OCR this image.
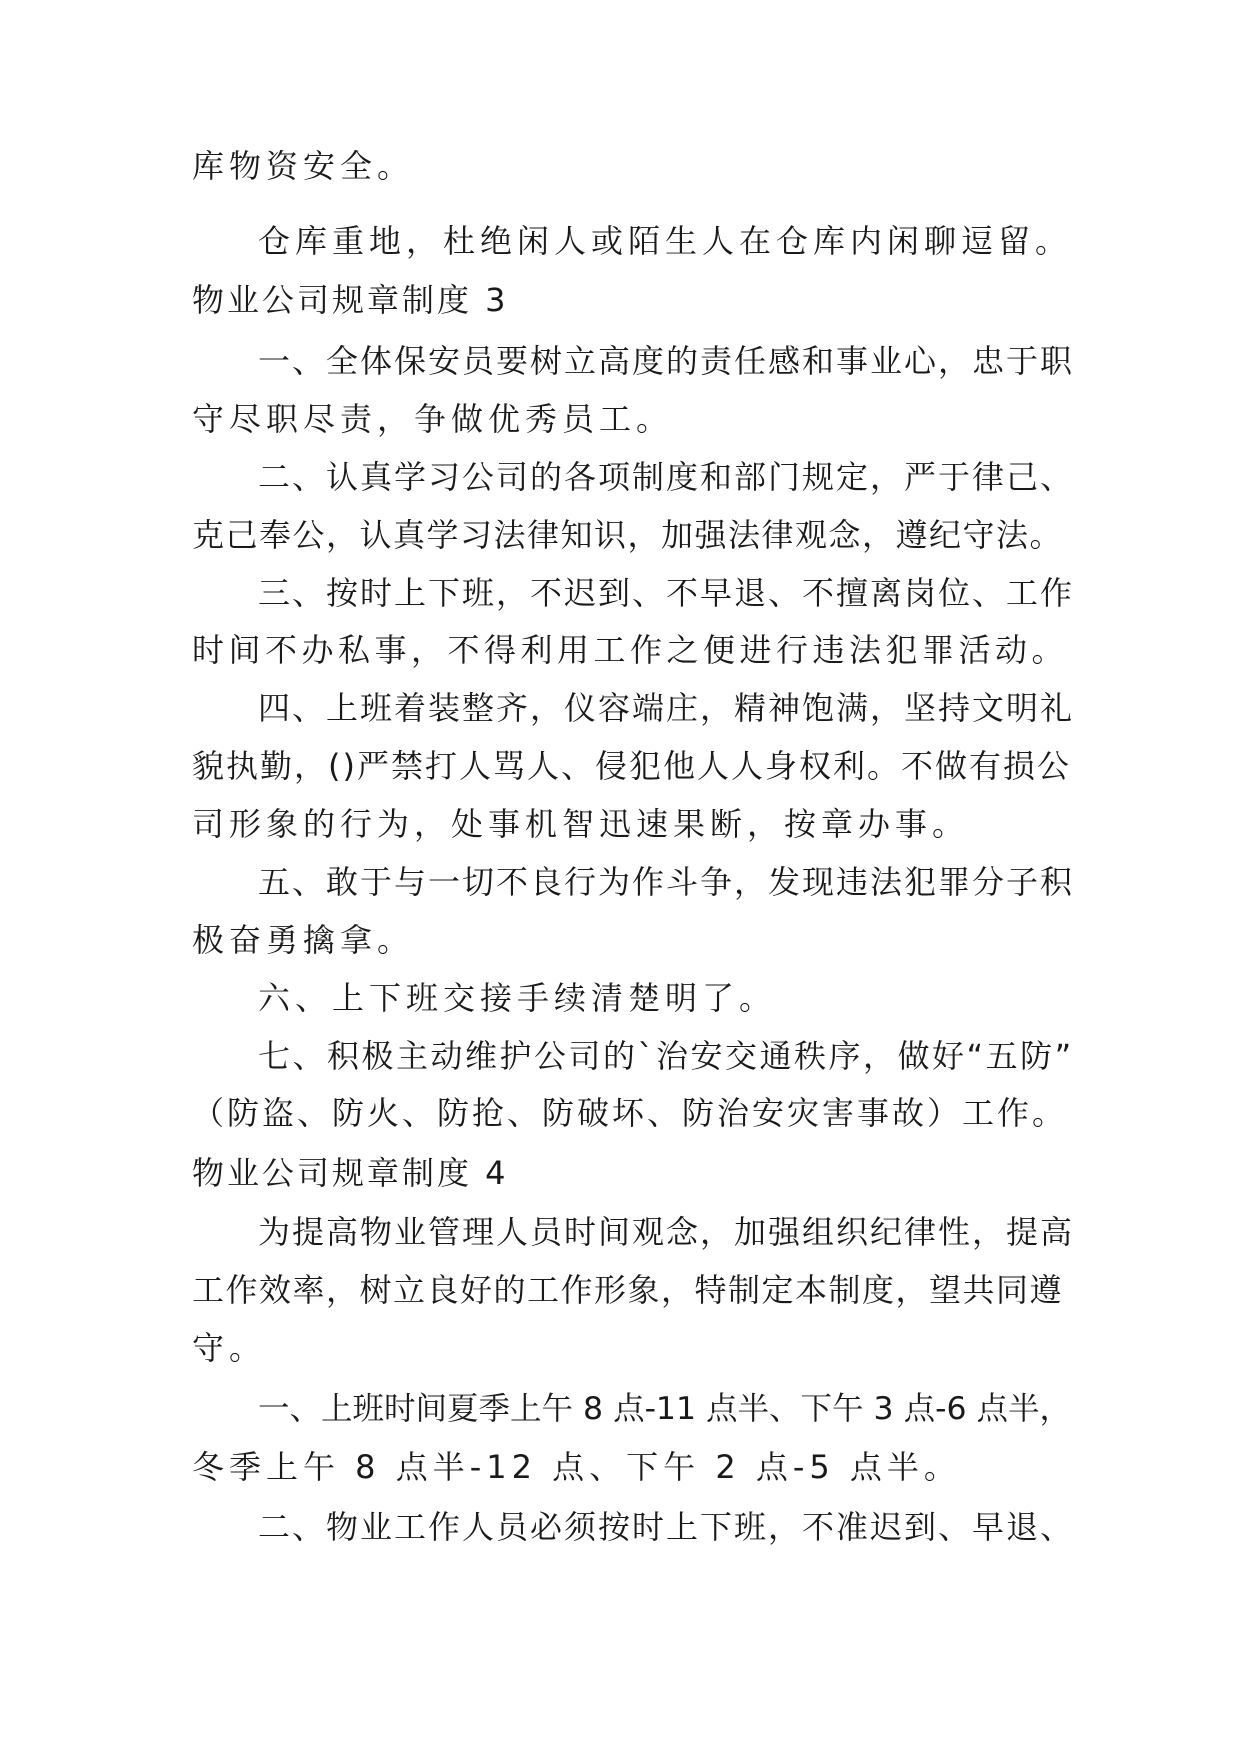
库物资安全。
仓库重地，杜绝闲人或陌生人在仓库内闲聊逗留。
物业公司规章制度 3
一、全体保安员要树立高度的责任感和事业心，忠于职
守尽职尽责，争做优秀员工。
二、认真学习公司的各项制度和部门规定，严于律己、
克己奉公，认真学习法律知识，加强法律观念，遵纪守法。
三、按时上下班，不迟到、不早退、不擅离岗位、工作
时间不办私事，不得利用工作之便进行违法犯罪活动。
四、上班着装整齐，仪容端庄，精神饱满，坚持文明礼
貌执勤，()严禁打人骂人、侵犯他人人身权利。不做有损公
司形象的行为，处事机智迅速果断，按章办事。
五、敢于与一切不良行为作斗争，发现违法犯罪分子积
极奋勇擒拿。
六、上下班交接手续清楚明了。
七、积极主动维护公司的`治安交通秩序，做好“五防”
（防盗、防火、防抢、防破坏、防治安灾害事故）工作。
物业公司规章制度 4
为提高物业管理人员时间观念，加强组织纪律性，提高
工作效率，树立良好的工作形象，特制定本制度，望共同遵
守。
一、上班时间夏季上午 8 点-11 点半、下午 3 点-6 点半，
冬季上午 8 点半-12 点、下午 2 点-5 点半。
二、物业工作人员必须按时上下班，不准迟到、早退、
